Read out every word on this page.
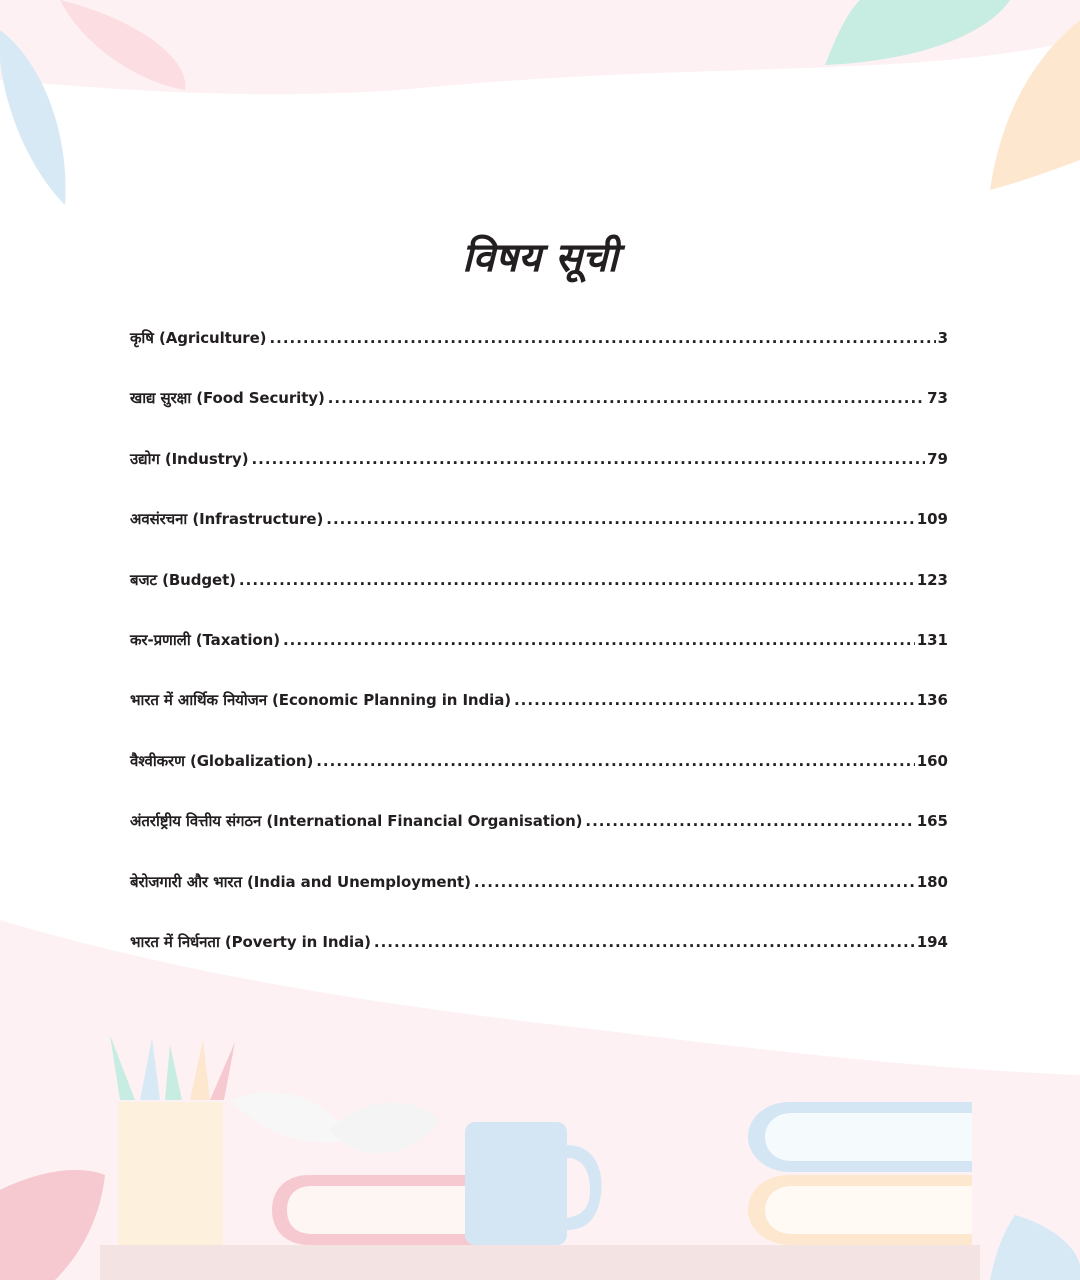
विषय सूची
कृषि (Agriculture) .....	3
खाद्य सुरक्षा (Food Security) .....	73
उद्योग (Industry) .....	79
अवसंरचना (Infrastructure) .....	109
बजट (Budget) .....	123
कर-प्रणाली (Taxation) .....	131
भारत में आर्थिक नियोजन (Economic Planning in India) .....	136
वैश्वीकरण (Globalization) .....	160
अंतर्राष्ट्रीय वित्तीय संगठन (International Financial Organisation) .....	165
बेरोजगारी और भारत (India and Unemployment) .....	180
भारत में निर्धनता (Poverty in India) .....	194
